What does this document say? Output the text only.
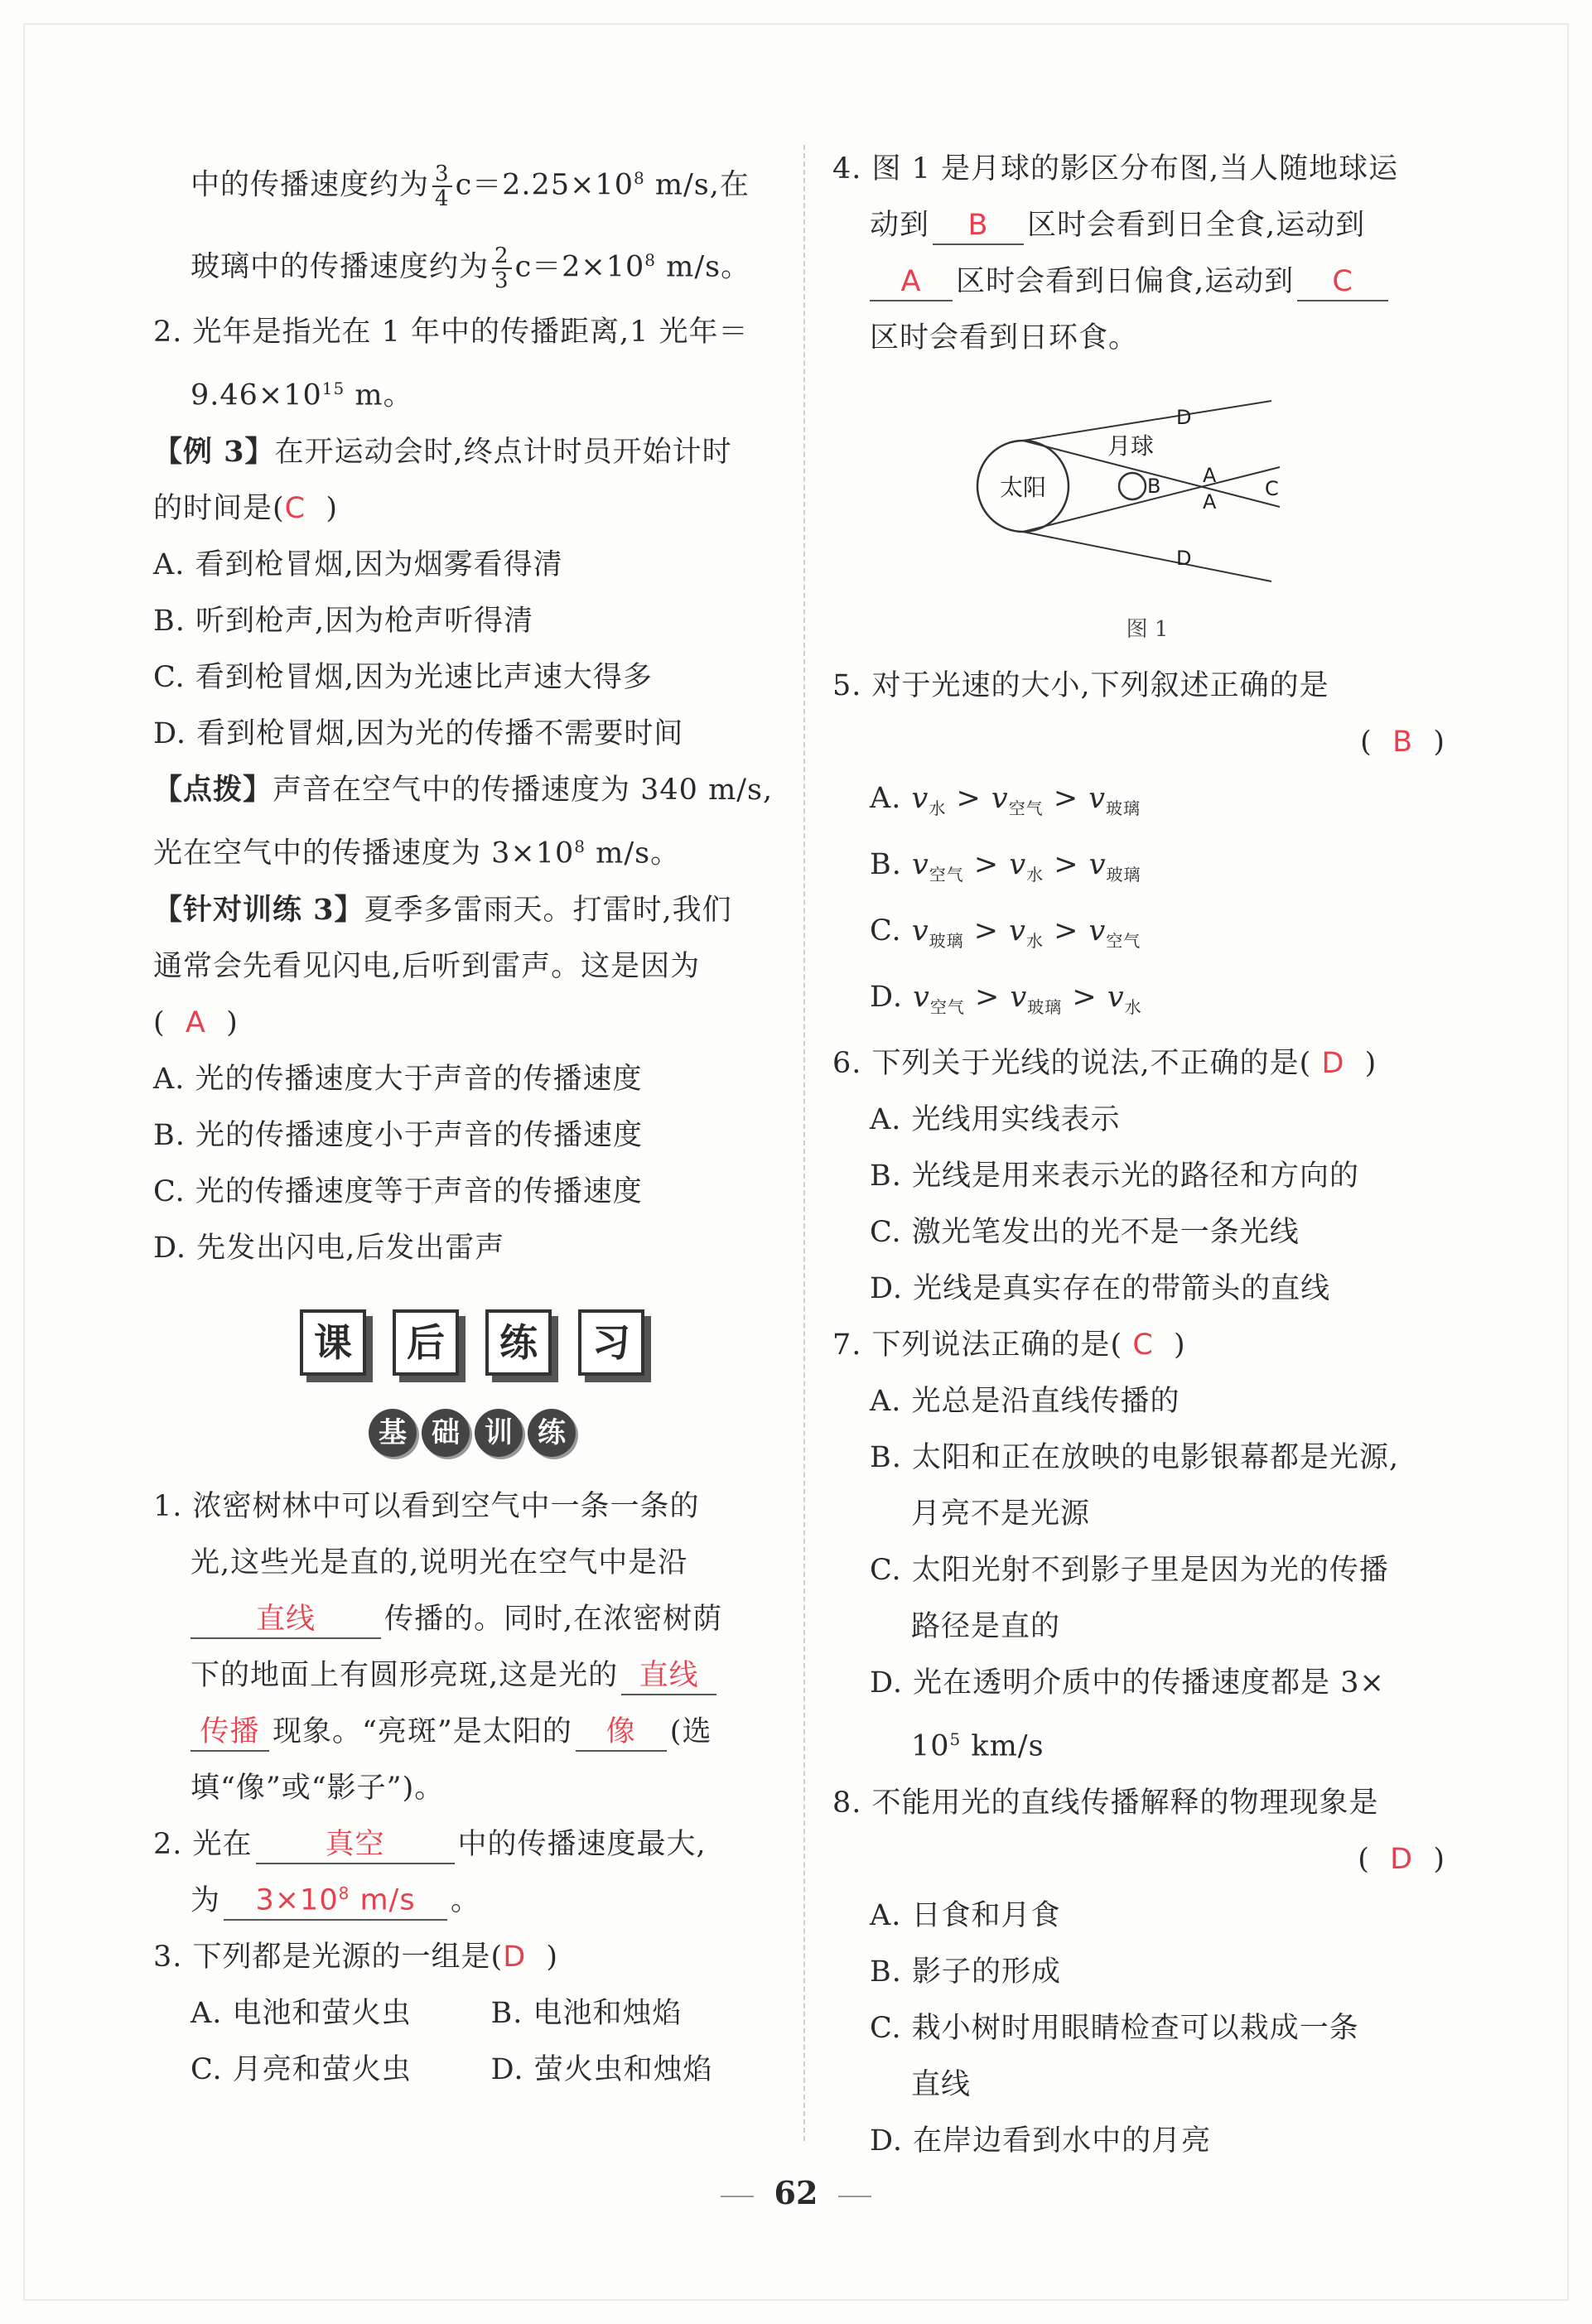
中的传播速度约为 $\frac{3}{4} c=2.25\times 10^8$ m/s,在
玻璃中的传播速度约为 $\frac{2}{3} c=2\times 10^8$ m/s。
2. 光年是指光在 1 年中的传播距离,1 光年＝
$9.46\times 10^{15}$ m。
【例 3】在开运动会时,终点计时员开始计时
的时间是(C )
A. 看到枪冒烟,因为烟雾看得清
B. 听到枪声,因为枪声听得清
C. 看到枪冒烟,因为光速比声速大得多
D. 看到枪冒烟,因为光的传播不需要时间
【点拨】声音在空气中的传播速度为 340 m/s,
光在空气中的传播速度为 $3\times 10^8$ m/s。
【针对训练 3】夏季多雷雨天。打雷时,我们
通常会先看见闪电,后听到雷声。这是因为
( A )
A. 光的传播速度大于声音的传播速度
B. 光的传播速度小于声音的传播速度
C. 光的传播速度等于声音的传播速度
D. 先发出闪电,后发出雷声
课 后 练 习
基 础 训 练
1. 浓密树林中可以看到空气中一条一条的
光,这些光是直的,说明光在空气中是沿
直线 传播的。同时,在浓密树荫
下的地面上有圆形亮斑,这是光的 直线
传播 现象。“亮斑”是太阳的 像 (选
填“像”或“影子”)。
2. 光在	真空	中的传播速度最大,
为 $3\times 10^8$ m/s 。
3. 下列都是光源的一组是(D )
A. 电池和萤火虫	B. 电池和烛焰
C. 月亮和萤火虫	D. 萤火虫和烛焰
4. 图 1 是月球的影区分布图,当人随地球运
动到 B 区时会看到日全食,运动到
A 区时会看到日偏食,运动到 C
区时会看到日环食。
太阳
月球
D
B A
A
C
D
图 1
5. 对于光速的大小,下列叙述正确的是
(  B  )
A. $v_水 > v_{空气} > v_{玻璃}$
B. $v_{空气} > v_水 > v_{玻璃}$
C. $v_{玻璃} > v_水 > v_{空气}$
D. $v_{空气} > v_{玻璃} > v_水$
6. 下列关于光线的说法,不正确的是( D )
A. 光线用实线表示
B. 光线是用来表示光的路径和方向的
C. 激光笔发出的光不是一条光线
D. 光线是真实存在的带箭头的直线
7. 下列说法正确的是( C )
A. 光总是沿直线传播的
B. 太阳和正在放映的电影银幕都是光源,
月亮不是光源
C. 太阳光射不到影子里是因为光的传播
路径是直的
D. 光在透明介质中的传播速度都是 3×
$10^5$ km/s
8. 不能用光的直线传播解释的物理现象是
(  D  )
A. 日食和月食
B. 影子的形成
C. 栽小树时用眼睛检查可以栽成一条
直线
D. 在岸边看到水中的月亮
62
